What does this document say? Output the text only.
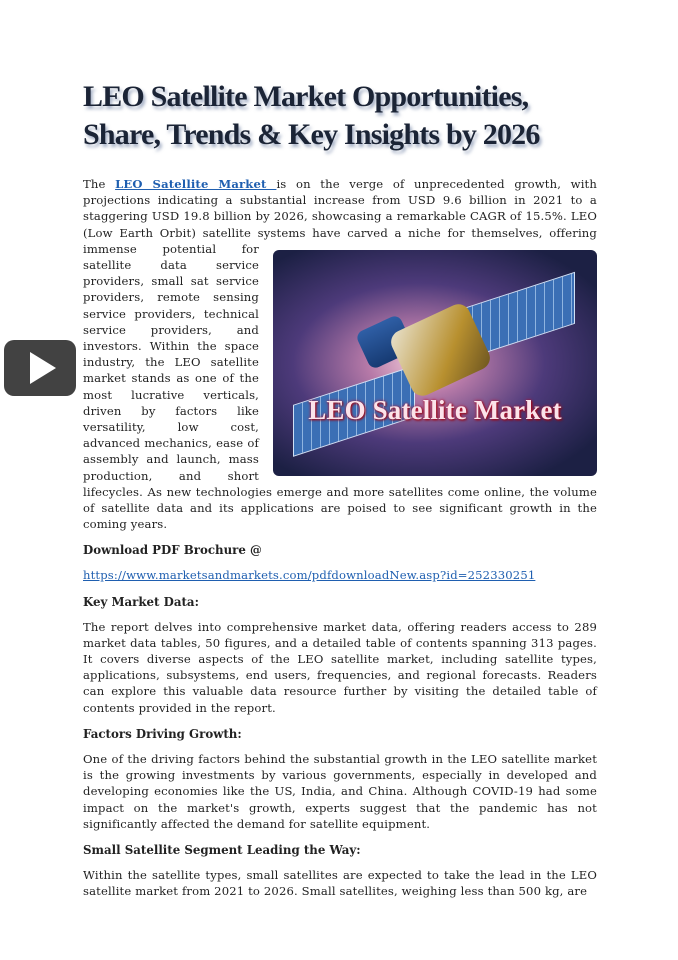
LEO Satellite Market Opportunities, Share, Trends & Key Insights by 2026

LEO Satellite Market
The LEO Satellite Market is on the verge of unprecedented growth, with projections indicating a substantial increase from USD 9.6 billion in 2021 to a staggering USD 19.8 billion by 2026, showcasing a remarkable CAGR of 15.5%. LEO (Low Earth Orbit) satellite systems have carved a niche for themselves, offering immense potential for satellite data service providers, small sat service providers, remote sensing service providers, technical service providers, and investors. Within the space industry, the LEO satellite market stands as one of the most lucrative verticals, driven by factors like versatility, low cost, advanced mechanics, ease of assembly and launch, mass production, and short lifecycles. As new technologies emerge and more satellites come online, the volume of satellite data and its applications are poised to see significant growth in the coming years.

Download PDF Brochure @

https://www.marketsandmarkets.com/pdfdownloadNew.asp?id=252330251

Key Market Data:

The report delves into comprehensive market data, offering readers access to 289 market data tables, 50 figures, and a detailed table of contents spanning 313 pages. It covers diverse aspects of the LEO satellite market, including satellite types, applications, subsystems, end users, frequencies, and regional forecasts. Readers can explore this valuable data resource further by visiting the detailed table of contents provided in the report.

Factors Driving Growth:

One of the driving factors behind the substantial growth in the LEO satellite market is the growing investments by various governments, especially in developed and developing economies like the US, India, and China. Although COVID-19 had some impact on the market's growth, experts suggest that the pandemic has not significantly affected the demand for satellite equipment.

Small Satellite Segment Leading the Way:

Within the satellite types, small satellites are expected to take the lead in the LEO satellite market from 2021 to 2026. Small satellites, weighing less than 500 kg, are
